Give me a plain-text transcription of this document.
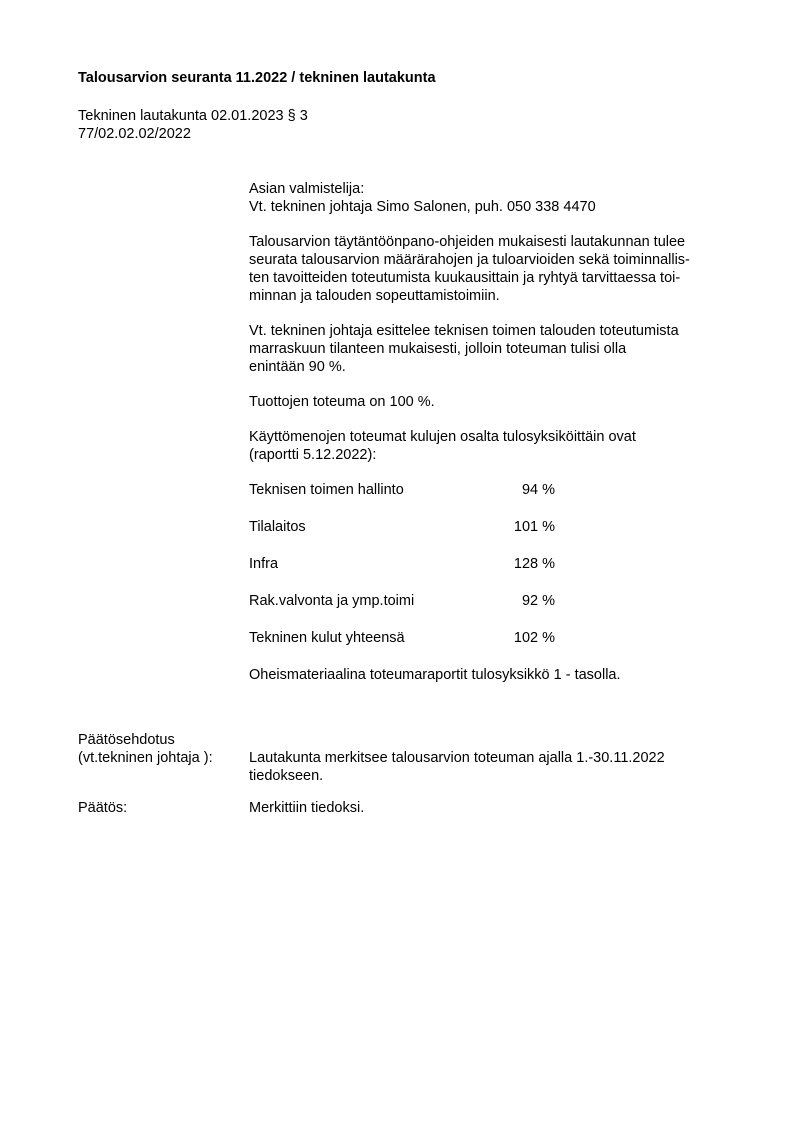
Talousarvion seuranta 11.2022 / tekninen lautakunta
Tekninen lautakunta 02.01.2023 § 3
77/02.02.02/2022
Asian valmistelija:
Vt. tekninen johtaja Simo Salonen, puh. 050 338 4470
Talousarvion täytäntöönpano-ohjeiden mukaisesti lautakunnan tulee
seurata talousarvion määrärahojen ja tuloarvioiden sekä toiminnallis-
ten tavoitteiden toteutumista kuukausittain ja ryhtyä tarvittaessa toi-
minnan ja talouden sopeuttamistoimiin.
Vt. tekninen johtaja esittelee teknisen toimen talouden toteutumista
marraskuun tilanteen mukaisesti, jolloin toteuman tulisi olla
enintään 90 %.
Tuottojen toteuma on 100 %.
Käyttömenojen toteumat kulujen osalta tulosyksiköittäin ovat
(raportti 5.12.2022):
Teknisen toimen hallinto	94 %
Tilalaitos	101 %
Infra	128 %
Rak.valvonta ja ymp.toimi	92 %
Tekninen kulut yhteensä	102 %
Oheismateriaalina toteumaraportit tulosyksikkö 1 - tasolla.
Päätösehdotus
(vt.tekninen johtaja ):	Lautakunta merkitsee talousarvion toteuman ajalla 1.-30.11.2022
tiedokseen.
Päätös:	Merkittiin tiedoksi.
